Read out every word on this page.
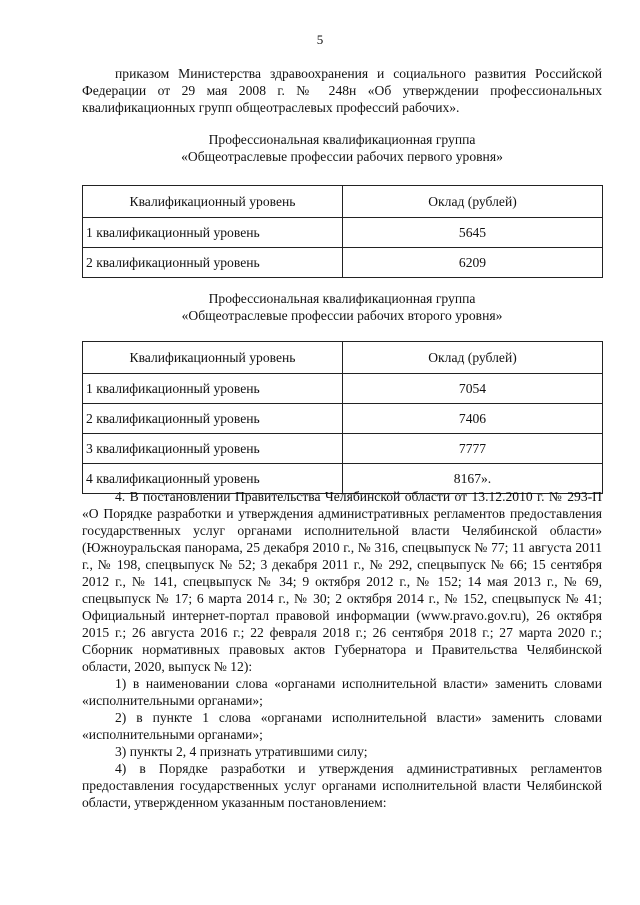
5
приказом Министерства здравоохранения и социального развития Российской Федерации от 29 мая 2008 г. № 248н «Об утверждении профессиональных квалификационных групп общеотраслевых профессий рабочих».
Профессиональная квалификационная группа
«Общеотраслевые профессии рабочих первого уровня»
Квалификационный уровень	Оклад (рублей)
1 квалификационный уровень	5645
2 квалификационный уровень	6209
Профессиональная квалификационная группа
«Общеотраслевые профессии рабочих второго уровня»
Квалификационный уровень	Оклад (рублей)
1 квалификационный уровень	7054
2 квалификационный уровень	7406
3 квалификационный уровень	7777
4 квалификационный уровень	8167».

4. В постановлении Правительства Челябинской области от 13.12.2010 г. № 293-П «О Порядке разработки и утверждения административных регламентов предоставления государственных услуг органами исполнительной власти Челябинской области» (Южноуральская панорама, 25 декабря 2010 г., № 316, спецвыпуск № 77; 11 августа 2011 г., № 198, спецвыпуск № 52; 3 декабря 2011 г., № 292, спецвыпуск № 66; 15 сентября 2012 г., № 141, спецвыпуск № 34; 9 октября 2012 г., № 152; 14 мая 2013 г., № 69, спецвыпуск № 17; 6 марта 2014 г., № 30; 2 октября 2014 г., № 152, спецвыпуск № 41; Официальный интернет-портал правовой информации (www.pravo.gov.ru), 26 октября 2015 г.; 26 августа 2016 г.; 22 февраля 2018 г.; 26 сентября 2018 г.; 27 марта 2020 г.; Сборник нормативных правовых актов Губернатора и Правительства Челябинской области, 2020, выпуск № 12):

1) в наименовании слова «органами исполнительной власти» заменить словами «исполнительными органами»;

2) в пункте 1 слова «органами исполнительной власти» заменить словами «исполнительными органами»;

3) пункты 2, 4 признать утратившими силу;

4) в Порядке разработки и утверждения административных регламентов предоставления государственных услуг органами исполнительной власти Челябинской области, утвержденном указанным постановлением:
